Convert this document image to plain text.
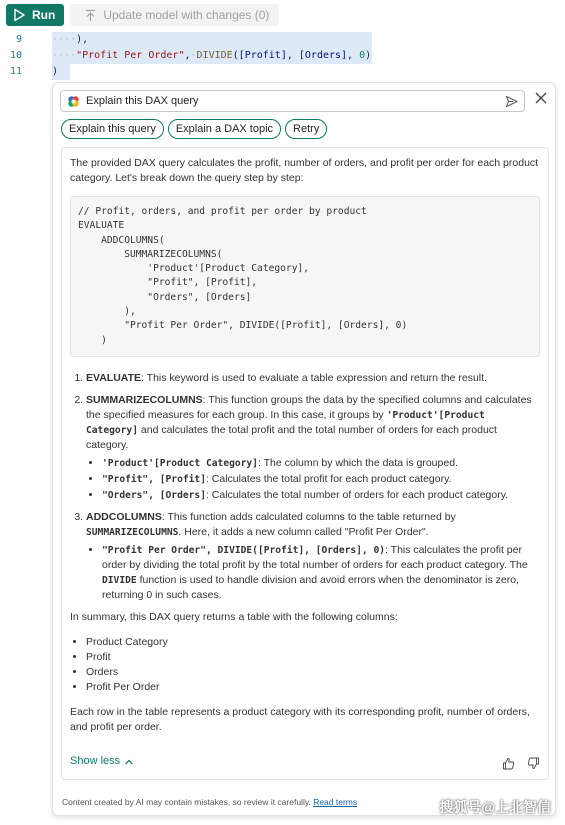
Run	Update model with changes (0)
9	····),
10	····"Profit Per Order",·DIVIDE([Profit], [Orders], 0)
11	)
Explain this DAX query
Explain this query	Explain a DAX topic	Retry

The provided DAX query calculates the profit, number of orders, and profit per order for each product category. Let's break down the query step by step:

// Profit, orders, and profit per order by product
EVALUATE
ADDCOLUMNS(
SUMMARIZECOLUMNS(
'Product'[Product Category],
"Profit", [Profit],
"Orders", [Orders]
),
"Profit Per Order", DIVIDE([Profit], [Orders], 0)
)
1. EVALUATE: This keyword is used to evaluate a table expression and return the result.
2. SUMMARIZECOLUMNS: This function groups the data by the specified columns and calculates the specified measures for each group. In this case, it groups by 'Product'[Product Category] and calculates the total profit and the total number of orders for each product category.
• 'Product'[Product Category]: The column by which the data is grouped.
• "Profit", [Profit]: Calculates the total profit for each product category.
• "Orders", [Orders]: Calculates the total number of orders for each product category.
3. ADDCOLUMNS: This function adds calculated columns to the table returned by SUMMARIZECOLUMNS. Here, it adds a new column called "Profit Per Order".
• "Profit Per Order", DIVIDE([Profit], [Orders], 0): This calculates the profit per order by dividing the total profit by the total number of orders for each product category. The DIVIDE function is used to handle division and avoid errors when the denominator is zero, returning 0 in such cases.

In summary, this DAX query returns a table with the following columns:

• Product Category
• Profit
• Orders
• Profit Per Order

Each row in the table represents a product category with its corresponding profit, number of orders, and profit per order.

Show less
Content created by AI may contain mistakes, so review it carefully. Read terms	搜狐号@上北智信
